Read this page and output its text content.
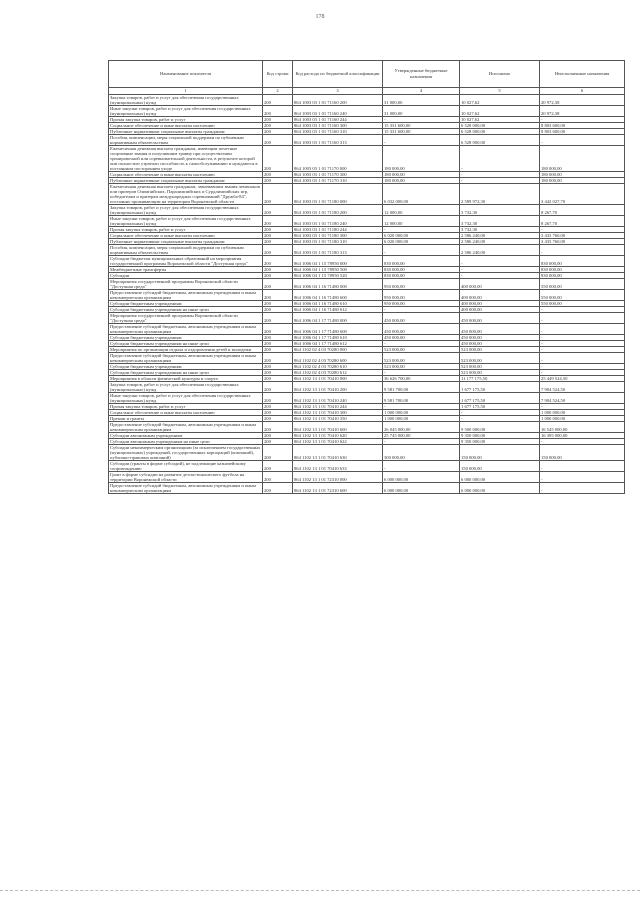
178
Наименование показателя	Код строки	Код расхода по бюджетной классификации	Утвержденные бюджетные назначения	Исполнено	Неисполненные назначения
1	2	3	4	5	6
Закупка товаров, работ и услуг для обеспечения государственных (муниципальных) нужд	200	864 1003 03 1 01 71160 200	31 000,00	10 027,62	20 972,38
Иные закупки товаров, работ и услуг для обеспечения государственных (муниципальных) нужд	200	864 1003 03 1 01 71160 240	31 000,00	10 027,62	20 972,38
Прочая закупка товаров, работ и услуг	200	864 1003 03 1 01 71160 244	-	10 027,62	-
Социальное обеспечение и иные выплаты населению	200	864 1003 03 1 01 71160 300	15 331 600,00	6 528 000,00	8 803 600,00
Публичные нормативные социальные выплаты гражданам	200	864 1003 03 1 01 71160 310	15 331 600,00	6 528 000,00	8 803 600,00
Пособия, компенсации, меры социальной поддержки по публичным нормативным обязательствам	200	864 1003 03 1 01 71160 313	-	6 528 000,00	-
Ежемесячная денежная выплата гражданам, имеющим почетные спортивные звания и получившим травму при осуществлении тренировочной или соревновательной деятельности, в результате которой они полностью утратили способность к самообслуживанию и нуждаются в постоянном постороннем уходе	200	864 1003 03 1 01 71170 000	180 000,00	-	180 000,00
Социальное обеспечение и иные выплаты населению	200	864 1003 03 1 01 71170 300	180 000,00	-	180 000,00
Публичные нормативные социальные выплаты гражданам	200	864 1003 03 1 01 71170 310	180 000,00	-	180 000,00
Ежемесячная денежная выплата гражданам, завоевавшим звания чемпионов или призеров Олимпийских, Паралимпийских и Сурдлимпийских игр, победителям и призерам международных соревнований "Дружба-84", постоянно проживающим на территории Воронежской области	200	864 1003 03 1 01 71180 000	6 032 000,00	2 589 972,30	3 442 027,70
Закупка товаров, работ и услуг для обеспечения государственных (муниципальных) нужд	200	864 1003 03 1 01 71180 200	12 000,00	3 732,30	8 267,70
Иные закупки товаров, работ и услуг для обеспечения государственных (муниципальных) нужд	200	864 1003 03 1 01 71180 240	12 000,00	3 732,30	8 267,70
Прочая закупка товаров, работ и услуг	200	864 1003 03 1 01 71180 244	-	3 732,30	-
Социальное обеспечение и иные выплаты населению	200	864 1003 03 1 01 71180 300	6 020 000,00	2 586 240,00	3 433 760,00
Публичные нормативные социальные выплаты гражданам	200	864 1003 03 1 01 71180 310	6 020 000,00	2 586 240,00	3 433 760,00
Пособия, компенсации, меры социальной поддержки по публичным нормативным обязательствам	200	864 1003 03 1 01 71180 313	-	2 586 240,00	-
Субсидии бюджетам муниципальных образований на мероприятия государственной программы Воронежской области "Доступная среда"	200	864 1006 04 1 15 78950 000	830 000,00	-	830 000,00
Межбюджетные трансферты	200	864 1006 04 1 15 78950 500	830 000,00	-	830 000,00
Субсидии	200	864 1006 04 1 15 78950 520	830 000,00	-	830 000,00
Мероприятия государственной программы Воронежской области "Доступная среда"	200	864 1006 04 1 16 71480 000	950 000,00	400 000,00	550 000,00
Предоставление субсидий бюджетным, автономным учреждениям и иным некоммерческим организациям	200	864 1006 04 1 16 71480 600	950 000,00	400 000,00	550 000,00
Субсидии бюджетным учреждениям	200	864 1006 04 1 16 71480 610	950 000,00	400 000,00	550 000,00
Субсидии бюджетным учреждениям на иные цели	200	864 1006 04 1 16 71480 612	-	400 000,00	-
Мероприятия государственной программы Воронежской области "Доступная среда"	200	864 1006 04 1 17 71480 000	450 000,00	450 000,00	-
Предоставление субсидий бюджетным, автономным учреждениям и иным некоммерческим организациям	200	864 1006 04 1 17 71480 600	450 000,00	450 000,00	-
Субсидии бюджетным учреждениям	200	864 1006 04 1 17 71480 610	450 000,00	450 000,00	-
Субсидии бюджетным учреждениям на иные цели	200	864 1006 04 1 17 71480 612	-	450 000,00	-
Мероприятия по организации отдыха и оздоровления детей и молодежи	200	864 1102 02 4 03 70280 000	523 000,00	523 000,00	-
Предоставление субсидий бюджетным, автономным учреждениям и иным некоммерческим организациям	200	864 1102 02 4 03 70280 600	523 000,00	523 000,00	-
Субсидии бюджетным учреждениям	200	864 1102 02 4 03 70280 610	523 000,00	523 000,00	-
Субсидии бюджетным учреждениям на иные цели	200	864 1102 02 4 03 70280 612	-	523 000,00	-
Мероприятия в области физической культуры и спорта	200	864 1102 13 1 01 70410 000	36 626 700,00	11 177 175,50	25 449 524,50
Закупка товаров, работ и услуг для обеспечения государственных (муниципальных) нужд	200	864 1102 13 1 01 70410 200	9 581 700,00	1 677 175,50	7 904 524,50
Иные закупки товаров, работ и услуг для обеспечения государственных (муниципальных) нужд	200	864 1102 13 1 01 70410 240	9 581 700,00	1 677 175,50	7 904 524,50
Прочая закупка товаров, работ и услуг	200	864 1102 13 1 01 70410 244	-	1 677 175,50	-
Социальное обеспечение и иные выплаты населению	200	864 1102 13 1 01 70410 300	1 000 000,00	-	1 000 000,00
Премии и гранты	200	864 1102 13 1 01 70410 350	1 000 000,00	-	1 000 000,00
Предоставление субсидий бюджетным, автономным учреждениям и иным некоммерческим организациям	200	864 1102 13 1 01 70410 600	26 045 000,00	9 500 000,00	16 545 000,00
Субсидии автономным учреждениям	200	864 1102 13 1 01 70410 620	25 745 000,00	9 350 000,00	16 395 000,00
Субсидии автономным учреждениям на иные цели	200	864 1102 13 1 01 70410 622	-	9 350 000,00	-
Субсидии некоммерческим организациям (за исключением государственных (муниципальных) учреждений, государственных корпораций (компаний), публично-правовых компаний)	200	864 1102 13 1 01 70410 630	300 000,00	150 000,00	150 000,00
Субсидии (гранты в форме субсидий), не подлежащие казначейскому сопровождению	200	864 1102 13 1 01 70410 633	-	150 000,00	-
Грант в форме субсидии на развитие детско-юношеского футбола на территории Воронежской области	200	864 1102 13 1 01 72310 000	6 000 000,00	6 000 000,00	-
Предоставление субсидий бюджетным, автономным учреждениям и иным некоммерческим организациям	200	864 1102 13 1 01 72310 600	6 000 000,00	6 000 000,00	-
